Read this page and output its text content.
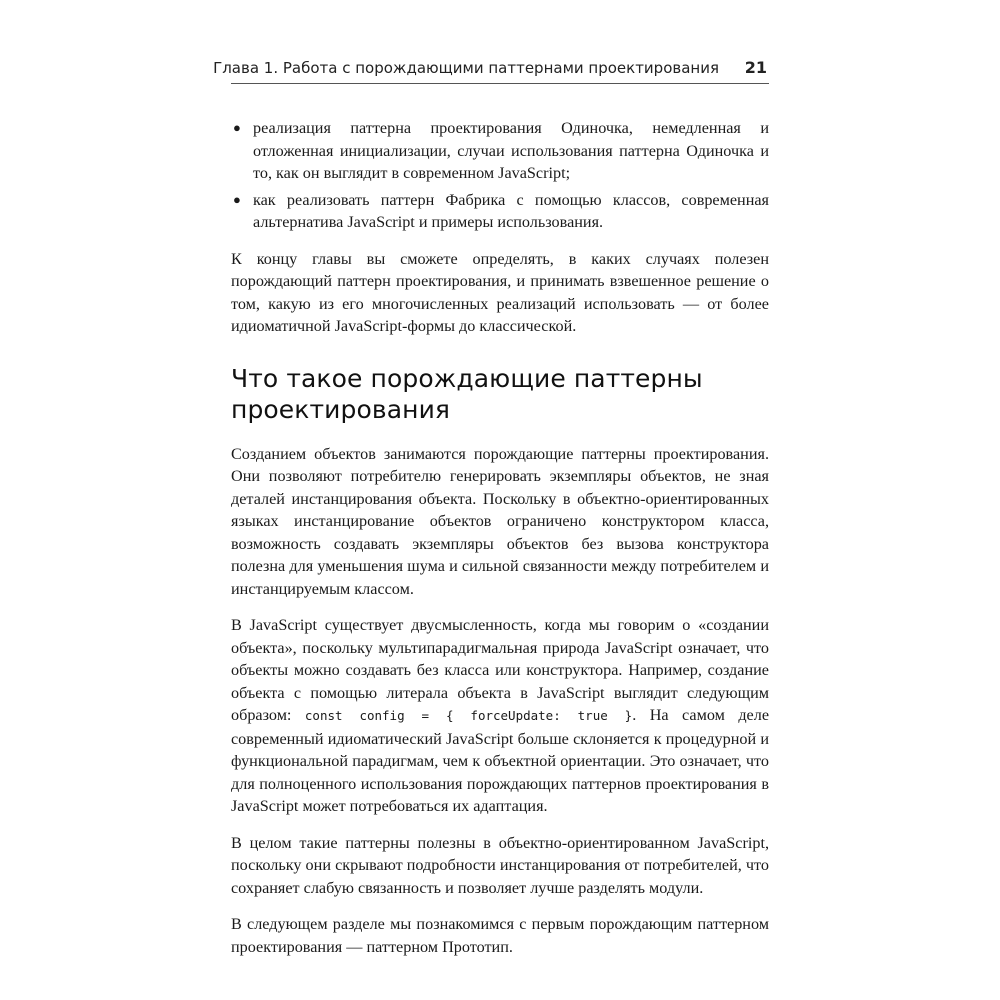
Глава 1. Работа с порождающими паттернами проектирования 21
● реализация паттерна проектирования Одиночка, немедленная и отложенная инициализации, случаи использования паттерна Одиночка и то, как он выглядит в современном JavaScript;
● как реализовать паттерн Фабрика с помощью классов, современная альтернатива JavaScript и примеры использования.

К концу главы вы сможете определять, в каких случаях полезен порождающий паттерн проектирования, и принимать взвешенное решение о том, какую из его многочисленных реализаций использовать — от более идиоматичной JavaScript-формы до классической.

Что такое порождающие паттерны проектирования

Созданием объектов занимаются порождающие паттерны проектирования. Они позволяют потребителю генерировать экземпляры объектов, не зная деталей инстанцирования объекта. Поскольку в объектно-ориентированных языках инстанцирование объектов ограничено конструктором класса, возможность создавать экземпляры объектов без вызова конструктора полезна для уменьшения шума и сильной связанности между потребителем и инстанцируемым классом.

В JavaScript существует двусмысленность, когда мы говорим о «создании объекта», поскольку мультипарадигмальная природа JavaScript означает, что объекты можно создавать без класса или конструктора. Например, создание объекта с помощью литерала объекта в JavaScript выглядит следующим образом: const config = { forceUpdate: true }. На самом деле современный идиоматический JavaScript больше склоняется к процедурной и функциональной парадигмам, чем к объектной ориентации. Это означает, что для полноценного использования порождающих паттернов проектирования в JavaScript может потребоваться их адаптация.

В целом такие паттерны полезны в объектно-ориентированном JavaScript, поскольку они скрывают подробности инстанцирования от потребителей, что сохраняет слабую связанность и позволяет лучше разделять модули.

В следующем разделе мы познакомимся с первым порождающим паттерном проектирования — паттерном Прототип.
